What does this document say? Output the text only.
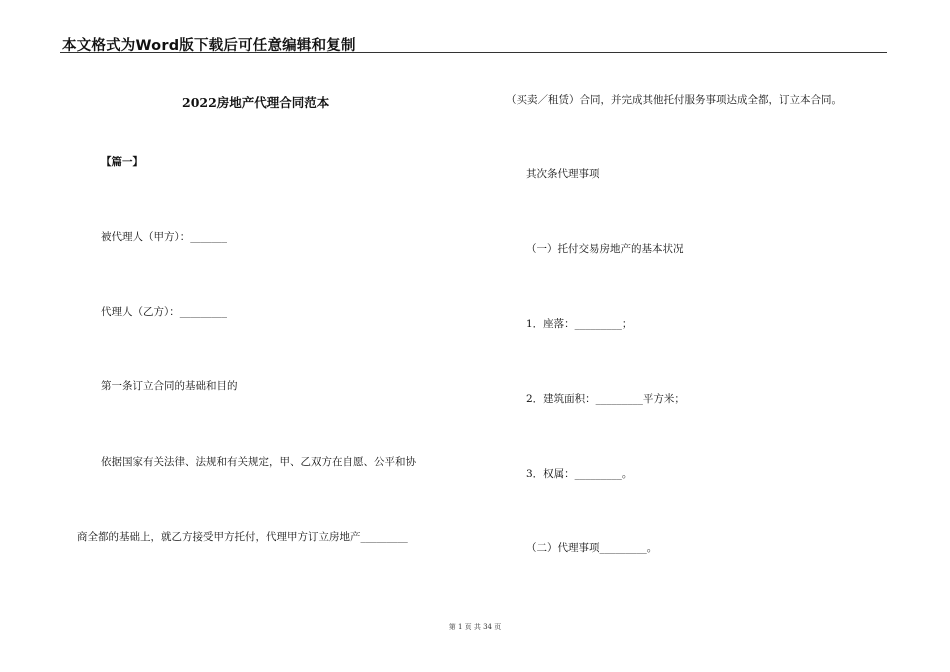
本文格式为Word版下载后可任意编辑和复制
2022房地产代理合同范本
【篇一】
被代理人（甲方）：_______
代理人（乙方）：_________
第一条订立合同的基础和目的
依据国家有关法律、法规和有关规定，甲、乙双方在自愿、公平和协
商全都的基础上，就乙方接受甲方托付，代理甲方订立房地产_________
（买卖／租赁）合同，并完成其他托付服务事项达成全都，订立本合同。
其次条代理事项
（一）托付交易房地产的基本状况
1．座落：_________；
2．建筑面积：_________平方米；
3．权属：_________。
（二）代理事项_________。
第 1 页 共 34 页
